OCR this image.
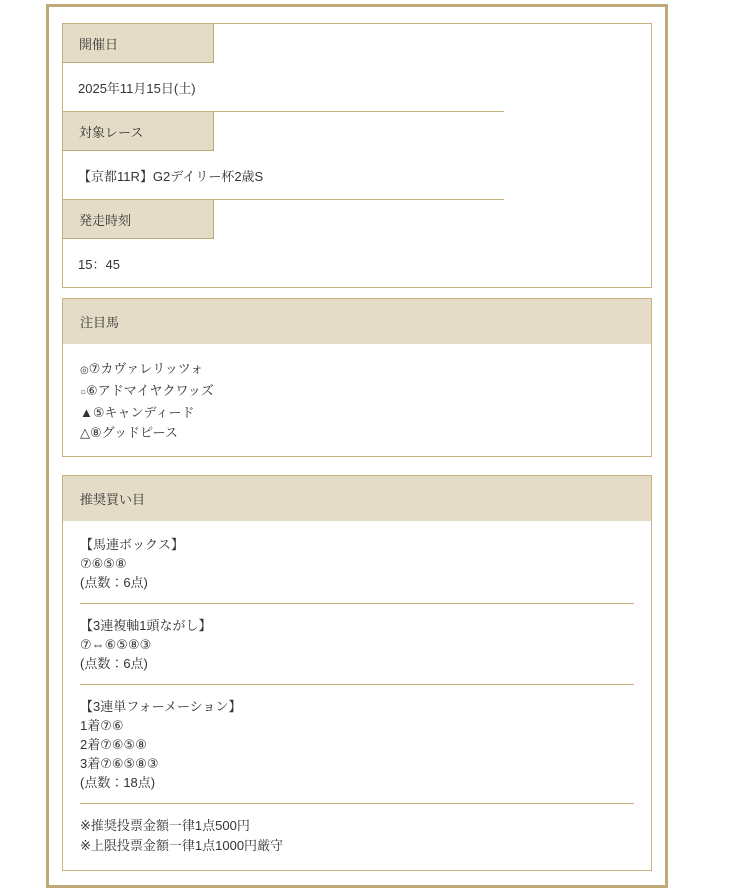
開催日
2025年11月15日(土)
対象レース
【京都11R】G2デイリー杯2歳S
発走時刻
15：45
注目馬
◎⑦カヴァレリッツォ
○⑥アドマイヤクワッズ
▲⑤キャンディード
△⑧グッドピース
推奨買い目
【馬連ボックス】
⑦⑥⑤⑧
(点数：6点)
【3連複軸1頭ながし】
⑦⇔⑥⑤⑧③
(点数：6点)
【3連単フォーメーション】
1着⑦⑥
2着⑦⑥⑤⑧
3着⑦⑥⑤⑧③
(点数：18点)
※推奨投票金額一律1点500円
※上限投票金額一律1点1000円厳守
